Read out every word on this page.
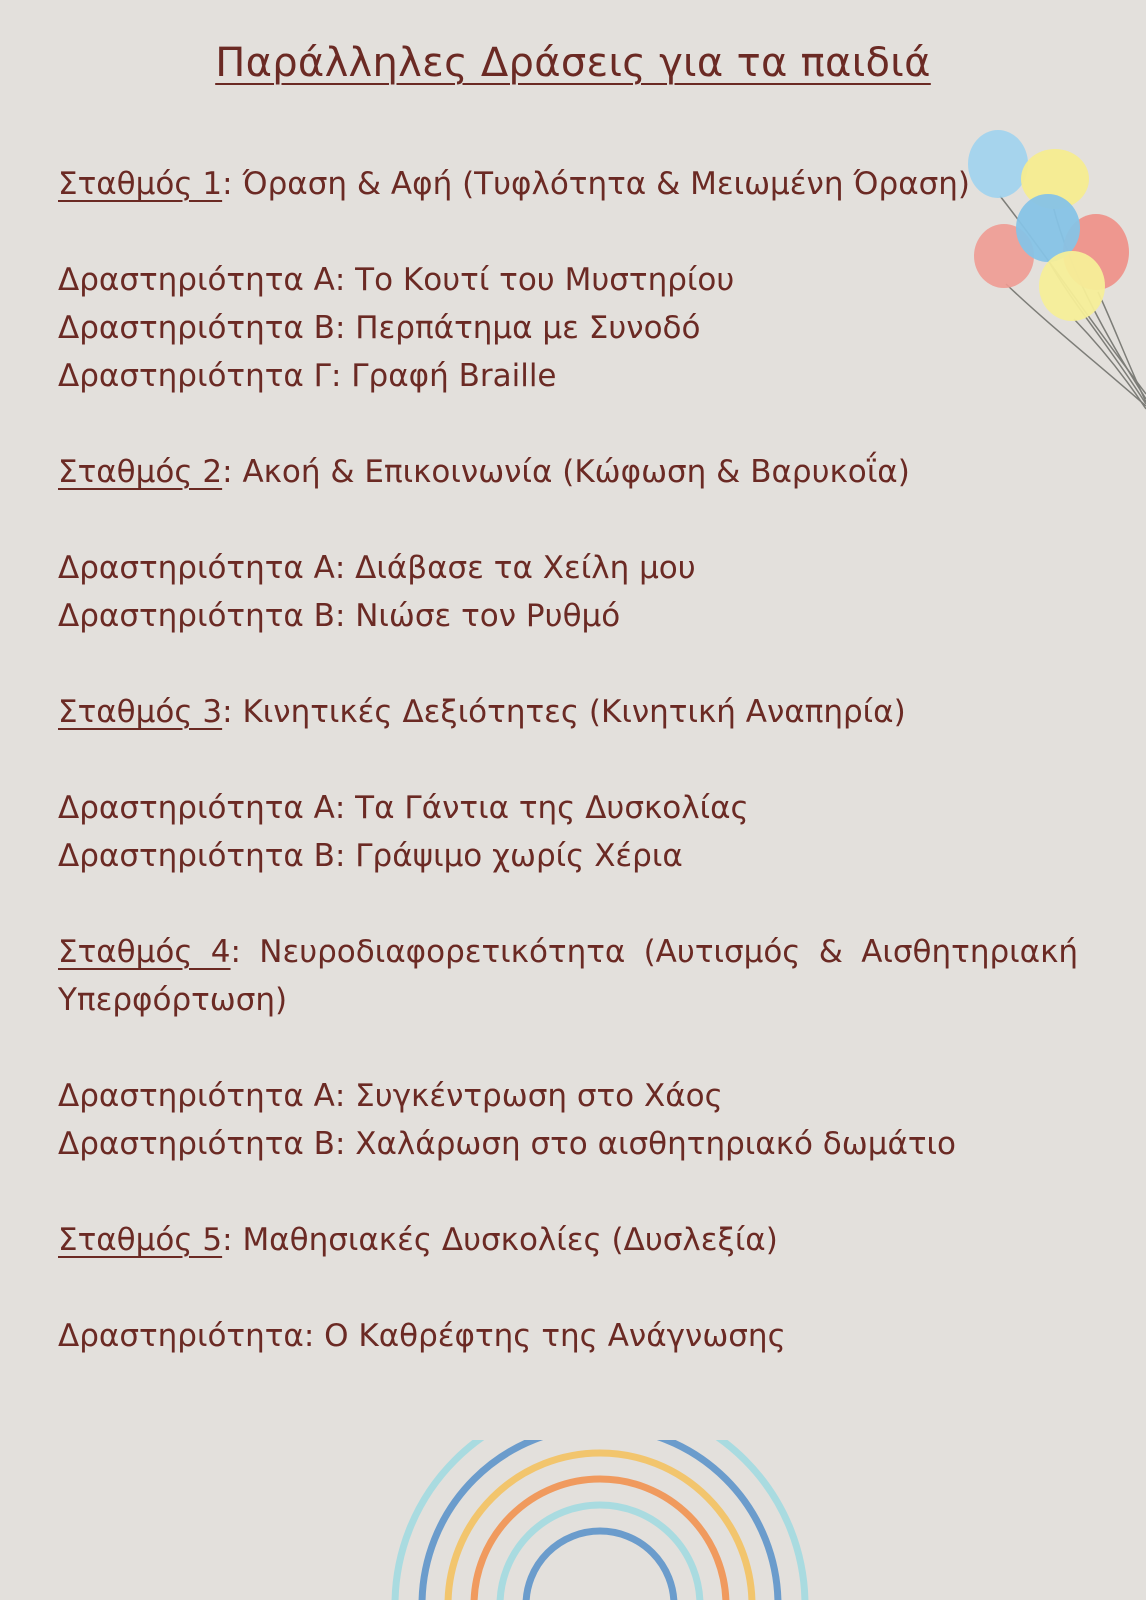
Παράλληλες Δράσεις για τα παιδιά

Σταθμός 1: Όραση & Αφή (Τυφλότητα & Μειωμένη Όραση)

Δραστηριότητα Α: Το Κουτί του Μυστηρίου

Δραστηριότητα Β: Περπάτημα με Συνοδό

Δραστηριότητα Γ: Γραφή Braille

Σταθμός 2: Ακοή & Επικοινωνία (Κώφωση & Βαρυκοΐα)

Δραστηριότητα Α: Διάβασε τα Χείλη μου

Δραστηριότητα Β: Νιώσε τον Ρυθμό

Σταθμός 3: Κινητικές Δεξιότητες (Κινητική Αναπηρία)

Δραστηριότητα Α: Τα Γάντια της Δυσκολίας

Δραστηριότητα Β: Γράψιμο χωρίς Χέρια

Σταθμός 4: Νευροδιαφορετικότητα (Αυτισμός & Αισθητηριακή Υπερφόρτωση)

Δραστηριότητα Α: Συγκέντρωση στο Χάος

Δραστηριότητα Β: Χαλάρωση στο αισθητηριακό δωμάτιο

Σταθμός 5: Μαθησιακές Δυσκολίες (Δυσλεξία)

Δραστηριότητα: Ο Καθρέφτης της Ανάγνωσης
